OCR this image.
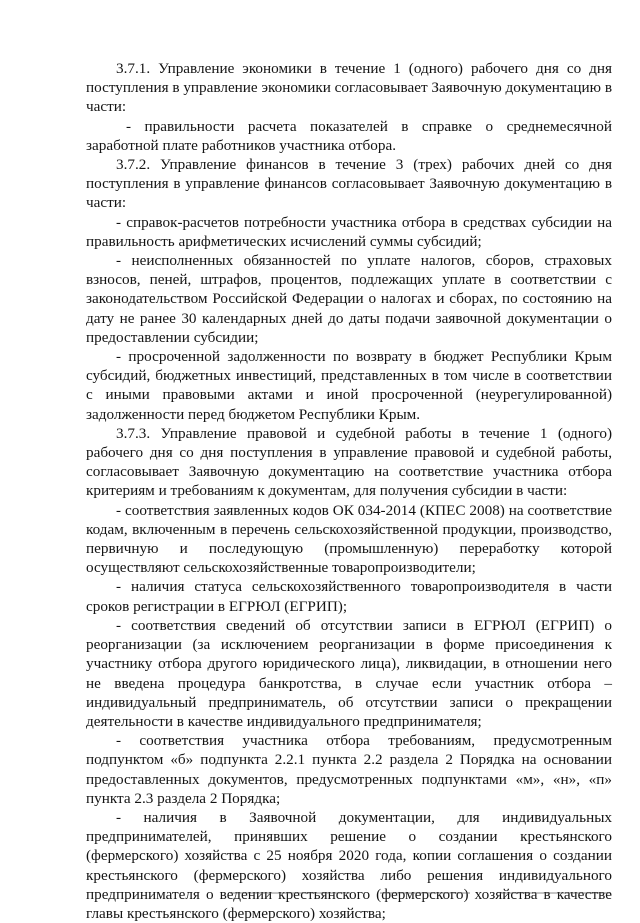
3.7.1. Управление экономики в течение 1 (одного) рабочего дня со дня поступления в управление экономики согласовывает Заявочную документацию в части:

- правильности расчета показателей в справке о среднемесячной заработной плате работников участника отбора.

3.7.2. Управление финансов в течение 3 (трех) рабочих дней со дня поступления в управление финансов согласовывает Заявочную документацию в части:

- справок-расчетов потребности участника отбора в средствах субсидии на правильность арифметических исчислений суммы субсидий;

- неисполненных обязанностей по уплате налогов, сборов, страховых взносов, пеней, штрафов, процентов, подлежащих уплате в соответствии с законодательством Российской Федерации о налогах и сборах, по состоянию на дату не ранее 30 календарных дней до даты подачи заявочной документации о предоставлении субсидии;

- просроченной задолженности по возврату в бюджет Республики Крым субсидий, бюджетных инвестиций, представленных в том числе в соответствии с иными правовыми актами и иной просроченной (неурегулированной) задолженности перед бюджетом Республики Крым.

3.7.3. Управление правовой и судебной работы в течение 1 (одного) рабочего дня со дня поступления в управление правовой и судебной работы, согласовывает Заявочную документацию на соответствие участника отбора критериям и требованиям к документам, для получения субсидии в части:

- соответствия заявленных кодов ОК 034-2014 (КПЕС 2008) на соответствие кодам, включенным в перечень сельскохозяйственной продукции, производство, первичную и последующую (промышленную) переработку которой осуществляют сельскохозяйственные товаропроизводители;

- наличия статуса сельскохозяйственного товаропроизводителя в части сроков регистрации в ЕГРЮЛ (ЕГРИП);

- соответствия сведений об отсутствии записи в ЕГРЮЛ (ЕГРИП) о реорганизации (за исключением реорганизации в форме присоединения к участнику отбора другого юридического лица), ликвидации, в отношении него не введена процедура банкротства, в случае если участник отбора – индивидуальный предприниматель, об отсутствии записи о прекращении деятельности в качестве индивидуального предпринимателя;

- соответствия участника отбора требованиям, предусмотренным подпунктом «б» подпункта 2.2.1 пункта 2.2 раздела 2 Порядка на основании предоставленных документов, предусмотренных подпунктами «м», «н», «п» пункта 2.3 раздела 2 Порядка;

- наличия в Заявочной документации, для индивидуальных предпринимателей, принявших решение о создании крестьянского (фермерского) хозяйства с 25 ноября 2020 года, копии соглашения о создании крестьянского (фермерского) хозяйства либо решения индивидуального предпринимателя о ведении крестьянского (фермерского) хозяйства в качестве главы крестьянского (фермерского) хозяйства;
